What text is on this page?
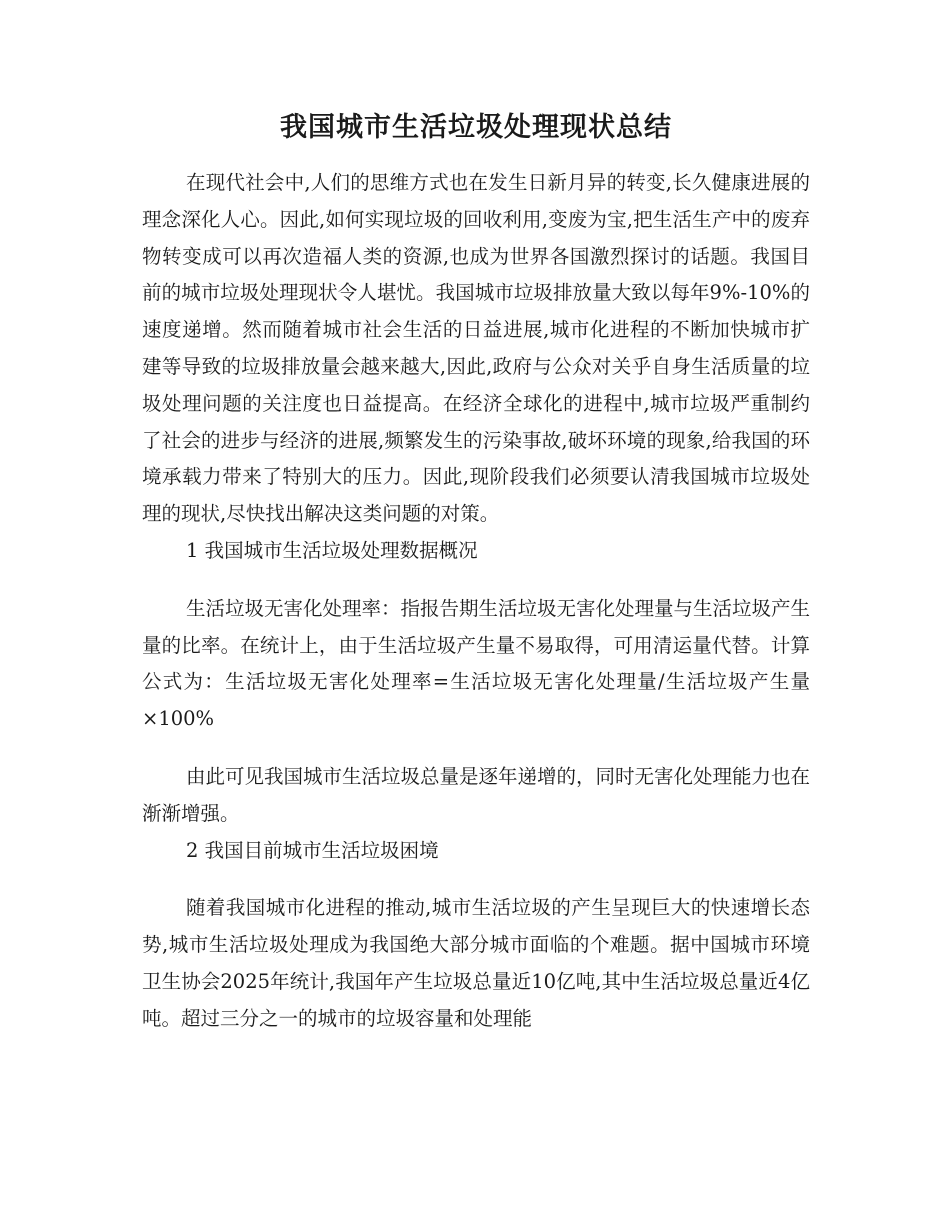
我国城市生活垃圾处理现状总结

在现代社会中,人们的思维方式也在发生日新月异的转变,长久健康进展的理念深化人心。因此,如何实现垃圾的回收利用,变废为宝,把生活生产中的废弃物转变成可以再次造福人类的资源,也成为世界各国激烈探讨的话题。我国目前的城市垃圾处理现状令人堪忧。我国城市垃圾排放量大致以每年9%-10%的速度递增。然而随着城市社会生活的日益进展,城市化进程的不断加快城市扩建等导致的垃圾排放量会越来越大,因此,政府与公众对关乎自身生活质量的垃圾处理问题的关注度也日益提高。在经济全球化的进程中,城市垃圾严重制约了社会的进步与经济的进展,频繁发生的污染事故,破坏环境的现象,给我国的环境承载力带来了特别大的压力。因此,现阶段我们必须要认清我国城市垃圾处理的现状,尽快找出解决这类问题的对策。

1 我国城市生活垃圾处理数据概况

生活垃圾无害化处理率：指报告期生活垃圾无害化处理量与生活垃圾产生量的比率。在统计上，由于生活垃圾产生量不易取得，可用清运量代替。计算公式为：生活垃圾无害化处理率=生活垃圾无害化处理量/生活垃圾产生量×100%

由此可见我国城市生活垃圾总量是逐年递增的，同时无害化处理能力也在渐渐增强。

2 我国目前城市生活垃圾困境

随着我国城市化进程的推动,城市生活垃圾的产生呈现巨大的快速增长态势,城市生活垃圾处理成为我国绝大部分城市面临的个难题。据中国城市环境卫生协会2025年统计,我国年产生垃圾总量近10亿吨,其中生活垃圾总量近4亿吨。超过三分之一的城市的垃圾容量和处理能
